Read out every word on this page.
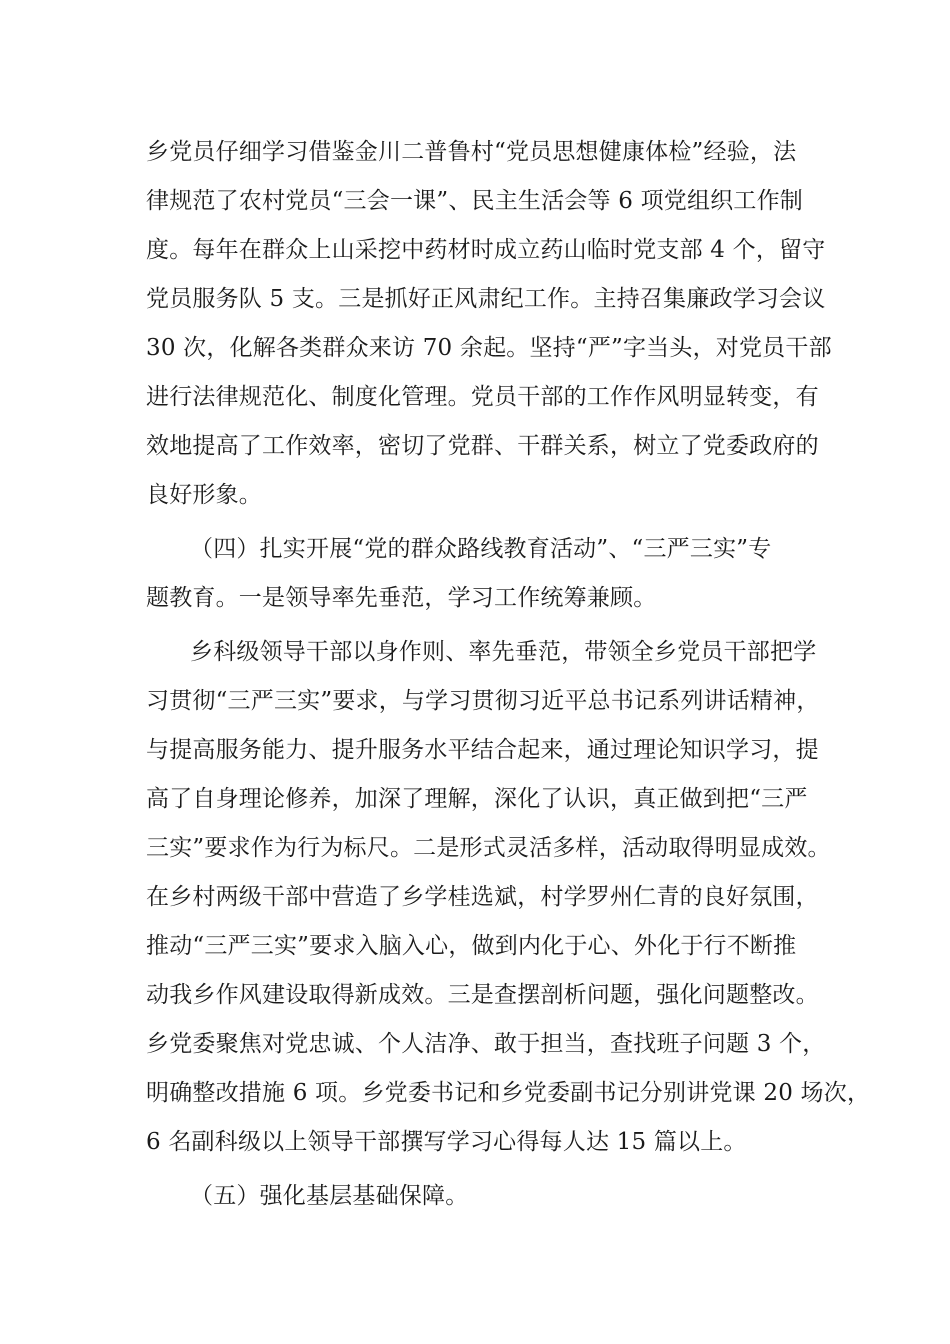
乡党员仔细学习借鉴金川二普鲁村“党员思想健康体检”经验，法
律规范了农村党员“三会一课”、民主生活会等 6 项党组织工作制
度。每年在群众上山采挖中药材时成立药山临时党支部 4 个，留守
党员服务队 5 支。三是抓好正风肃纪工作。主持召集廉政学习会议
30 次，化解各类群众来访 70 余起。坚持“严”字当头，对党员干部
进行法律规范化、制度化管理。党员干部的工作作风明显转变，有
效地提高了工作效率，密切了党群、干群关系，树立了党委政府的
良好形象。
（四）扎实开展“党的群众路线教育活动”、“三严三实”专
题教育。一是领导率先垂范，学习工作统筹兼顾。
乡科级领导干部以身作则、率先垂范，带领全乡党员干部把学
习贯彻“三严三实”要求，与学习贯彻习近平总书记系列讲话精神，
与提高服务能力、提升服务水平结合起来，通过理论知识学习，提
高了自身理论修养，加深了理解，深化了认识，真正做到把“三严
三实”要求作为行为标尺。二是形式灵活多样，活动取得明显成效。
在乡村两级干部中营造了乡学桂选斌，村学罗州仁青的良好氛围，
推动“三严三实”要求入脑入心，做到内化于心、外化于行不断推
动我乡作风建设取得新成效。三是查摆剖析问题，强化问题整改。
乡党委聚焦对党忠诚、个人洁净、敢于担当，查找班子问题 3 个，
明确整改措施 6 项。乡党委书记和乡党委副书记分别讲党课 20 场次，
6 名副科级以上领导干部撰写学习心得每人达 15 篇以上。
（五）强化基层基础保障。
